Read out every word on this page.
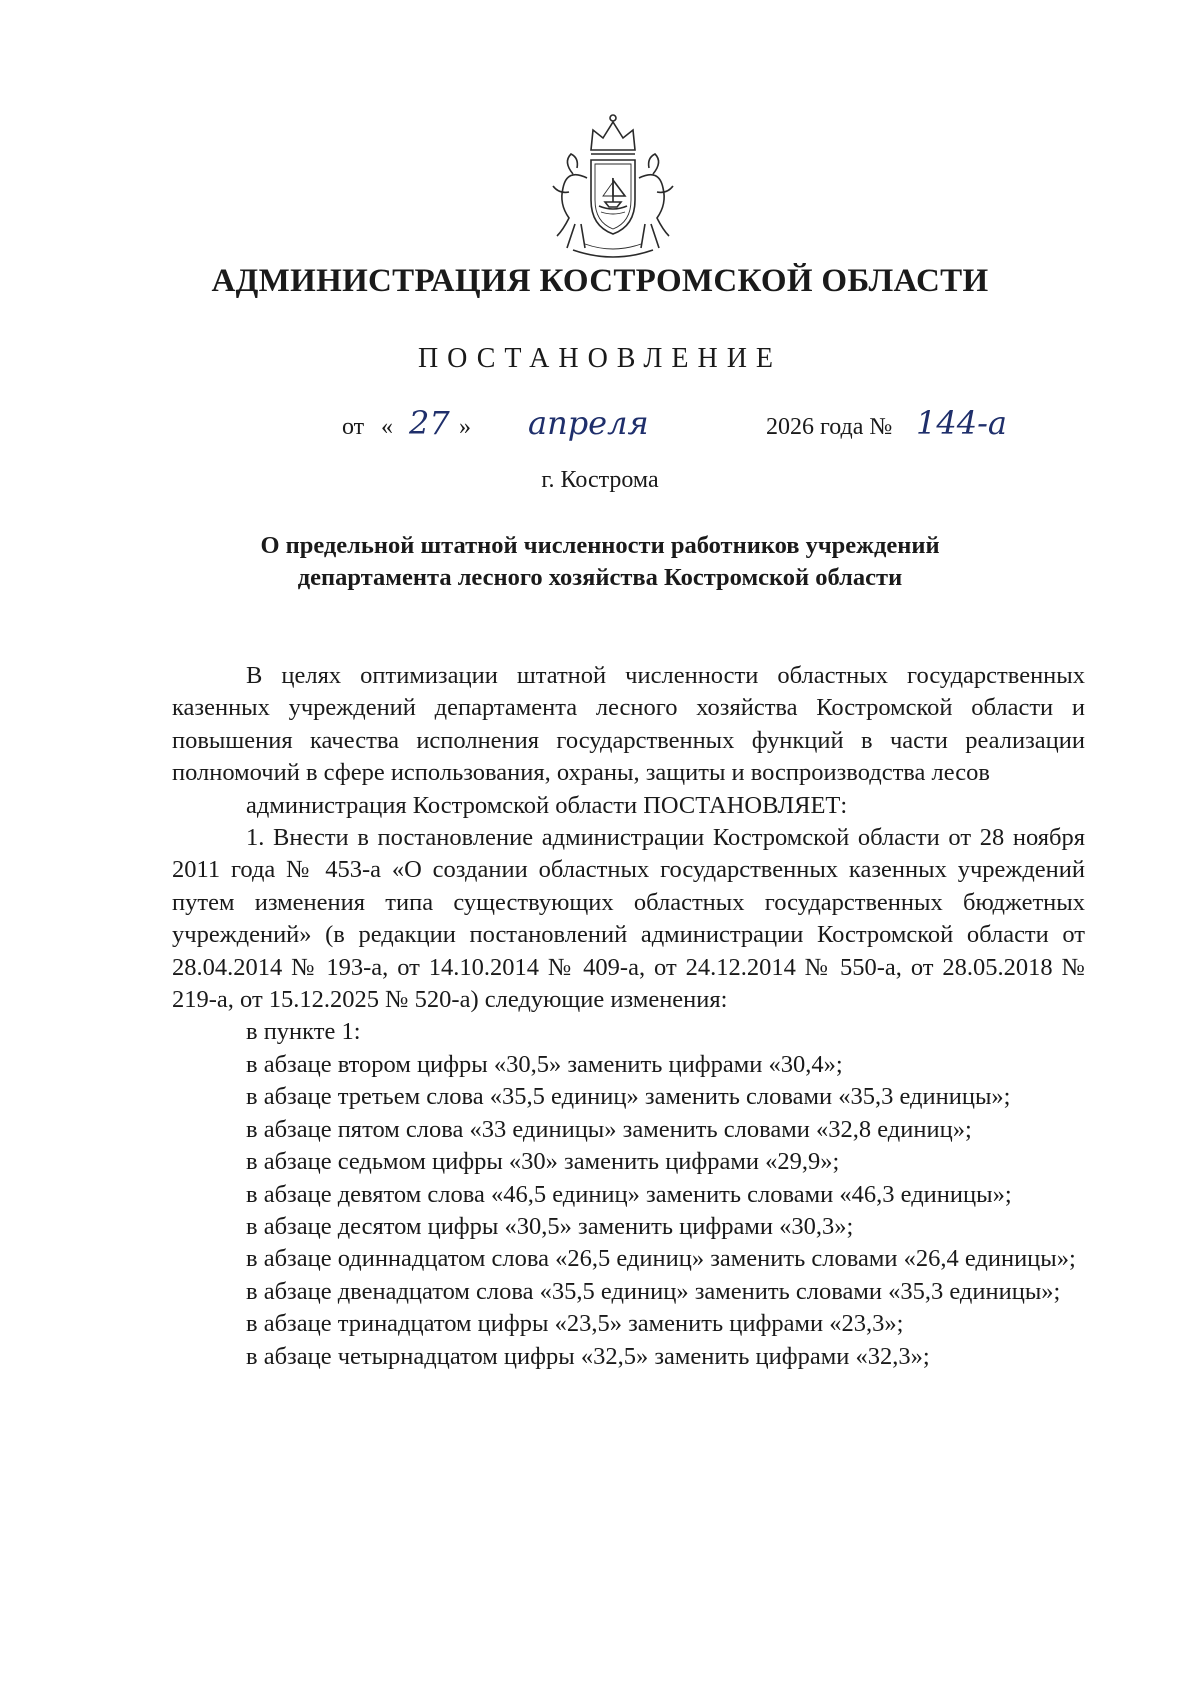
АДМИНИСТРАЦИЯ КОСТРОМСКОЙ ОБЛАСТИ
ПОСТАНОВЛЕНИЕ
от « 27 » апреля	2026 года № 144-а
г. Кострома
О предельной штатной численности работников учреждений
департамента лесного хозяйства Костромской области

В целях оптимизации штатной численности областных государственных казенных учреждений департамента лесного хозяйства Костромской области и повышения качества исполнения государственных функций в части реализации полномочий в сфере использования, охраны, защиты и воспроизводства лесов

администрация Костромской области ПОСТАНОВЛЯЕТ:

1. Внести в постановление администрации Костромской области от 28 ноября 2011 года № 453-а «О создании областных государственных казенных учреждений путем изменения типа существующих областных государственных бюджетных учреждений» (в редакции постановлений администрации Костромской области от 28.04.2014 № 193-а, от 14.10.2014 № 409-а, от 24.12.2014 № 550-а, от 28.05.2018 № 219-а, от 15.12.2025 № 520-а) следующие изменения:

в пункте 1:

в абзаце втором цифры «30,5» заменить цифрами «30,4»;

в абзаце третьем слова «35,5 единиц» заменить словами «35,3 единицы»;

в абзаце пятом слова «33 единицы» заменить словами «32,8 единиц»;

в абзаце седьмом цифры «30» заменить цифрами «29,9»;

в абзаце девятом слова «46,5 единиц» заменить словами «46,3 единицы»;

в абзаце десятом цифры «30,5» заменить цифрами «30,3»;

в абзаце одиннадцатом слова «26,5 единиц» заменить словами «26,4 единицы»;

в абзаце двенадцатом слова «35,5 единиц» заменить словами «35,3 единицы»;

в абзаце тринадцатом цифры «23,5» заменить цифрами «23,3»;

в абзаце четырнадцатом цифры «32,5» заменить цифрами «32,3»;
